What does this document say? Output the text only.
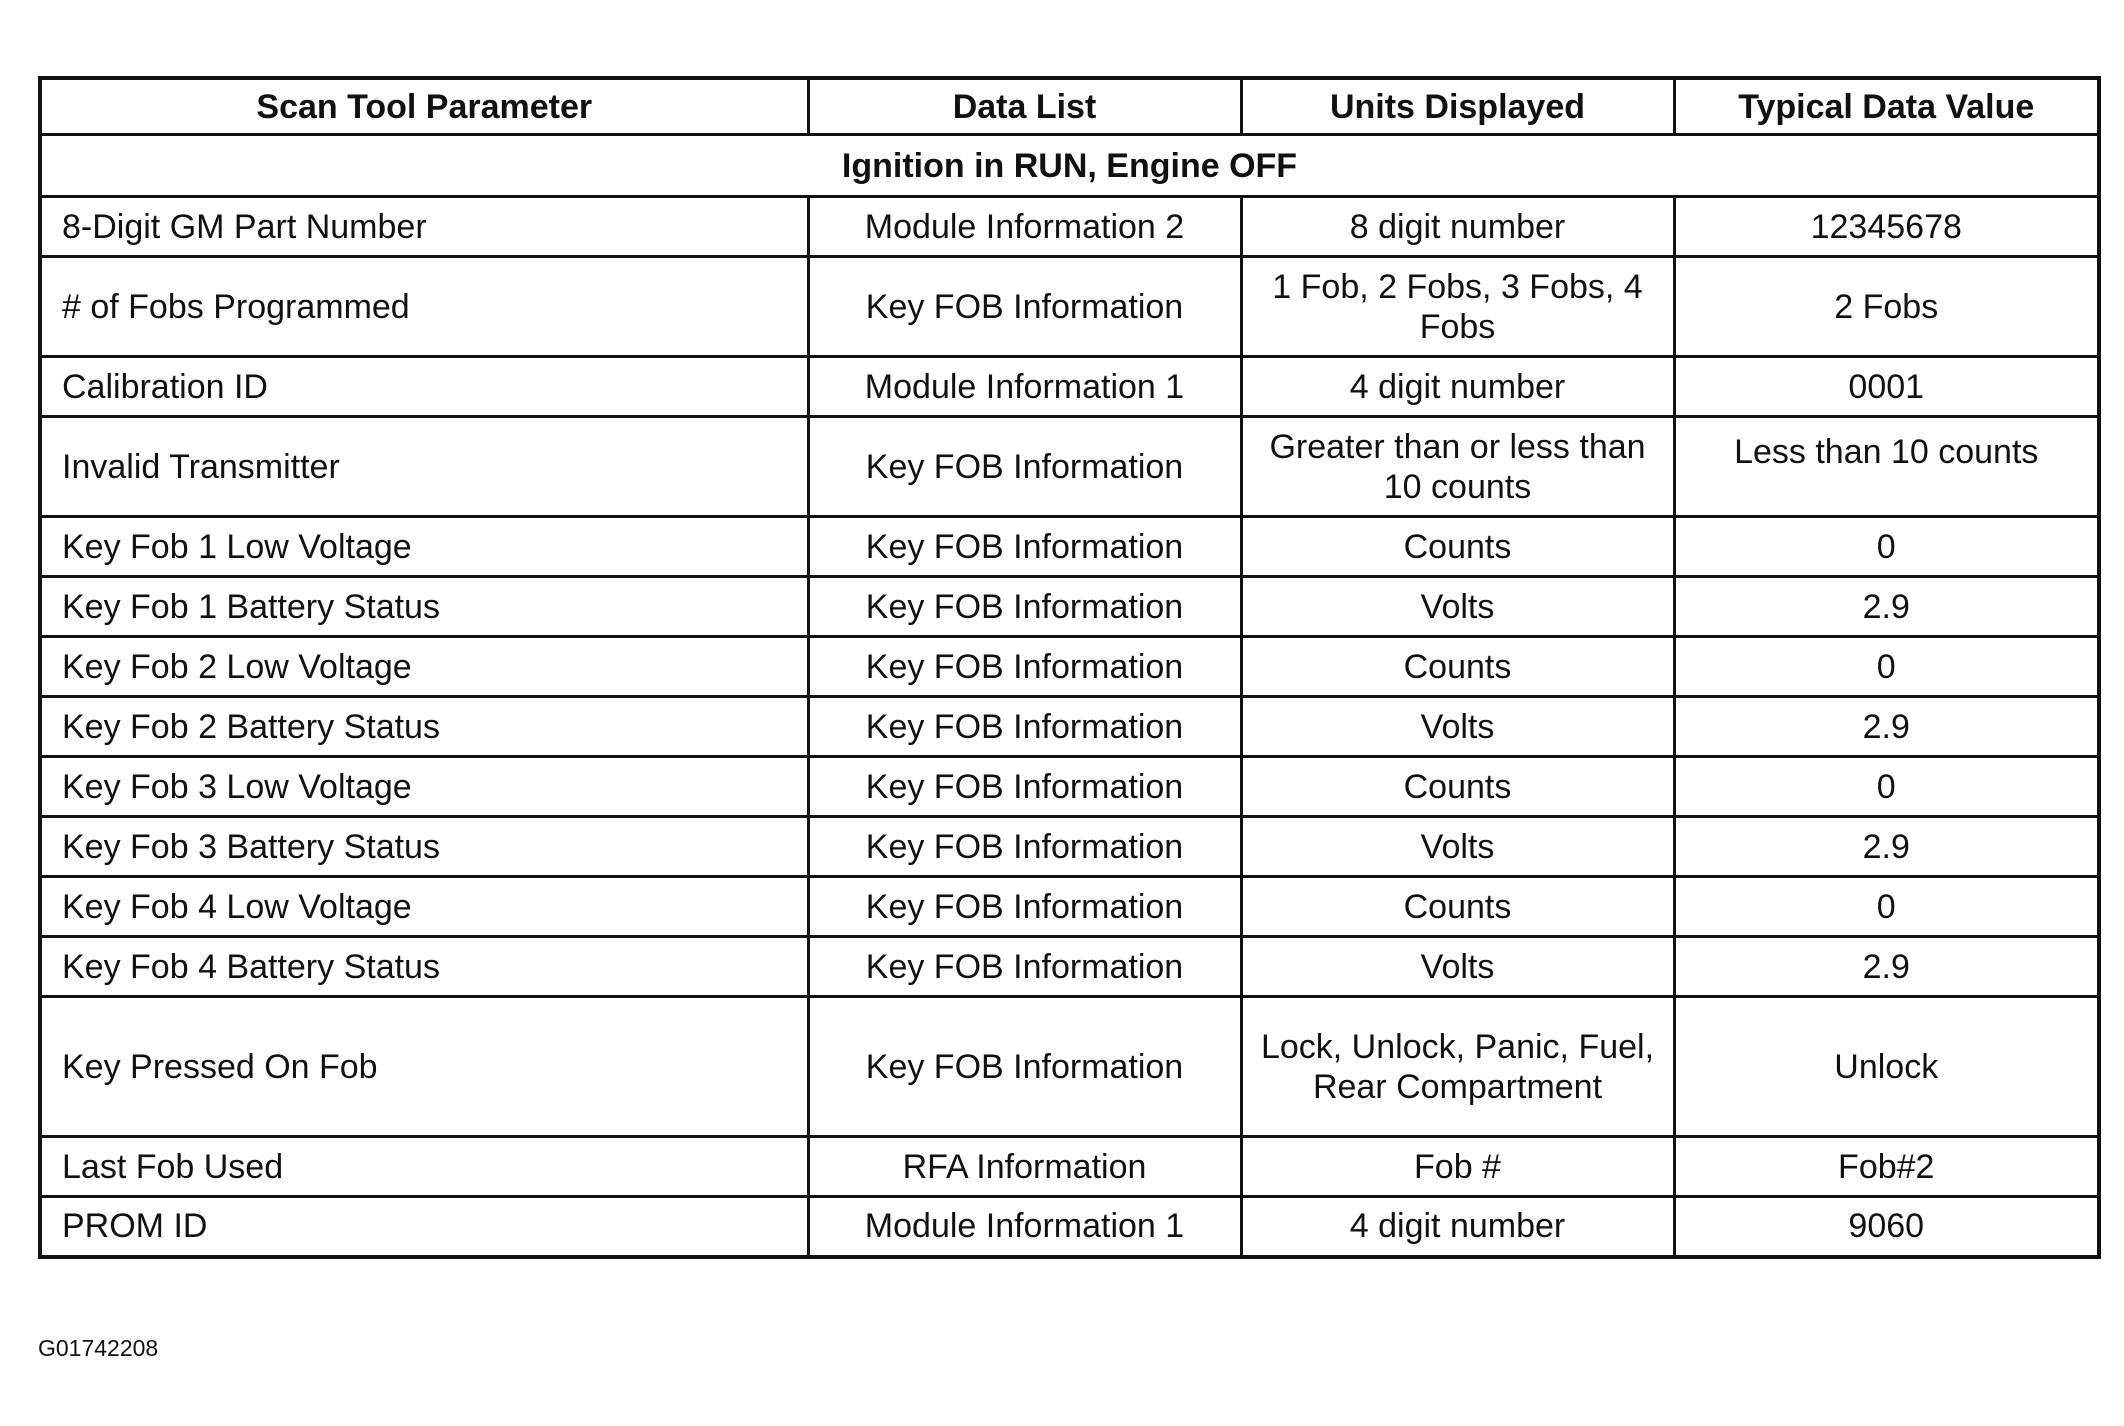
Scan Tool Parameter	Data List	Units Displayed	Typical Data Value
Ignition in RUN, Engine OFF			
8-Digit GM Part Number	Module Information 2	8 digit number	12345678
# of Fobs Programmed	Key FOB Information	1 Fob, 2 Fobs, 3 Fobs, 4 Fobs	2 Fobs
Calibration ID	Module Information 1	4 digit number	0001
Invalid Transmitter	Key FOB Information	Greater than or less than 10 counts	Less than 10 counts
Key Fob 1 Low Voltage	Key FOB Information	Counts	0
Key Fob 1 Battery Status	Key FOB Information	Volts	2.9
Key Fob 2 Low Voltage	Key FOB Information	Counts	0
Key Fob 2 Battery Status	Key FOB Information	Volts	2.9
Key Fob 3 Low Voltage	Key FOB Information	Counts	0
Key Fob 3 Battery Status	Key FOB Information	Volts	2.9
Key Fob 4 Low Voltage	Key FOB Information	Counts	0
Key Fob 4 Battery Status	Key FOB Information	Volts	2.9
Key Pressed On Fob	Key FOB Information	Lock, Unlock, Panic, Fuel, Rear Compartment	Unlock
Last Fob Used	RFA Information	Fob #	Fob#2
PROM ID	Module Information 1	4 digit number	9060
G01742208
